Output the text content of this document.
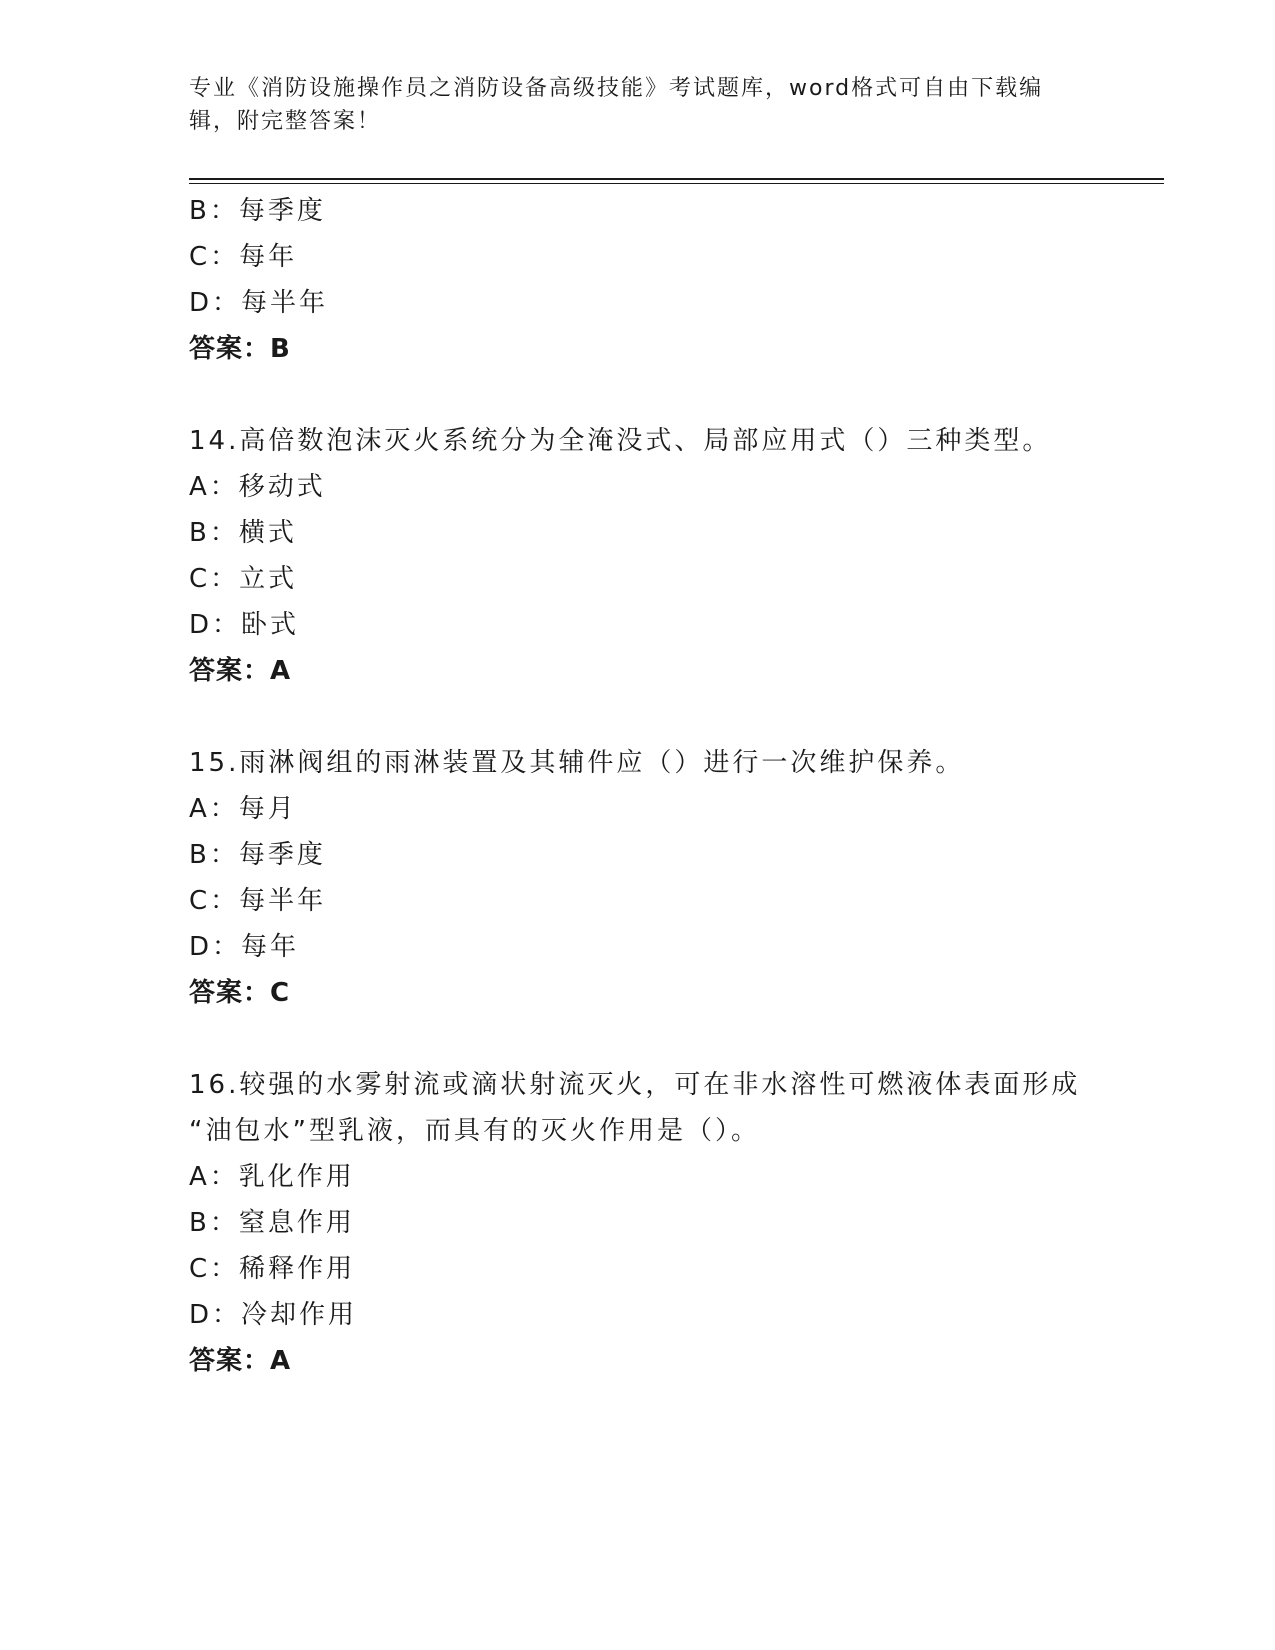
专业《消防设施操作员之消防设备高级技能》考试题库，word格式可自由下载编
辑，附完整答案！
B：每季度
C：每年
D：每半年
答案：B
14.高倍数泡沫灭火系统分为全淹没式、局部应用式（）三种类型。
A：移动式
B：横式
C：立式
D：卧式
答案：A
15.雨淋阀组的雨淋装置及其辅件应（）进行一次维护保养。
A：每月
B：每季度
C：每半年
D：每年
答案：C
16.较强的水雾射流或滴状射流灭火，可在非水溶性可燃液体表面形成
“油包水”型乳液，而具有的灭火作用是（）。
A：乳化作用
B：窒息作用
C：稀释作用
D：冷却作用
答案：A
